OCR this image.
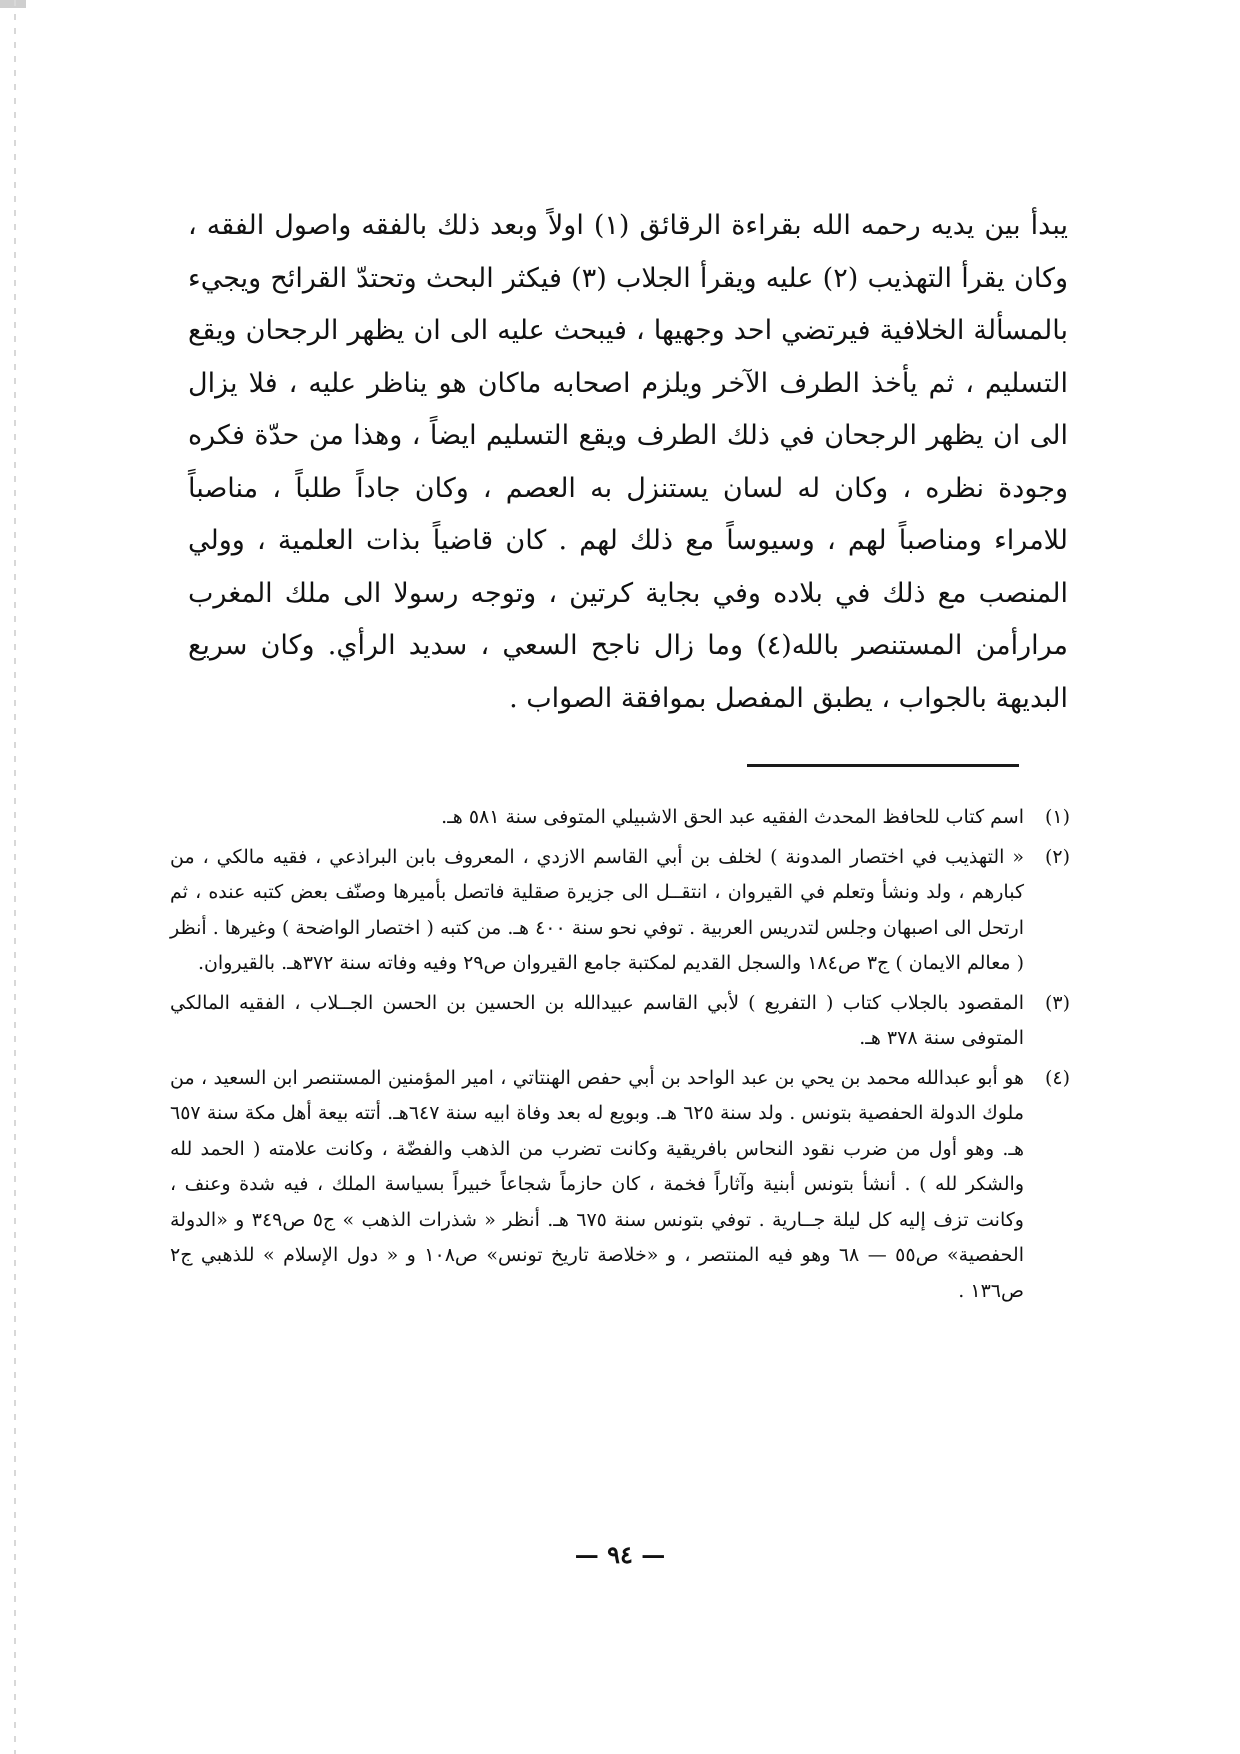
يبدأ بين يديه رحمه الله بقراءة الرقائق (١) اولاً وبعد ذلك بالفقه واصول الفقه ، وكان يقرأ التهذيب (٢) عليه ويقرأ الجلاب (٣) فيكثر البحث وتحتدّ القرائح ويجيء بالمسألة الخلافية فيرتضي احد وجهيها ، فيبحث عليه الى ان يظهر الرجحان ويقع التسليم ، ثم يأخذ الطرف الآخر ويلزم اصحابه ماكان هو يناظر عليه ، فلا يزال الى ان يظهر الرجحان في ذلك الطرف ويقع التسليم ايضاً ، وهذا من حدّة فكره وجودة نظره ، وكان له لسان يستنزل به العصم ، وكان جاداً طلباً ، مناصباً للامراء ومناصباً لهم ، وسيوساً مع ذلك لهم . كان قاضياً بذات العلمية ، وولي المنصب مع ذلك في بلاده وفي بجاية كرتين ، وتوجه رسولا الى ملك المغرب مرارأمن المستنصر بالله(٤) وما زال ناجح السعي ، سديد الرأي. وكان سريع البديهة بالجواب ، يطبق المفصل بموافقة الصواب .

(١)
اسم كتاب للحافظ المحدث الفقيه عبد الحق الاشبيلي المتوفى سنة ٥٨١ هـ.
(٢)
« التهذيب في اختصار المدونة ) لخلف بن أبي القاسم الازدي ، المعروف بابن البراذعي ، فقيه مالكي ، من كبارهم ، ولد ونشأ وتعلم في القيروان ، انتقــل الى جزيرة صقلية فاتصل بأميرها وصنّف بعض كتبه عنده ، ثم ارتحل الى اصبهان وجلس لتدريس العربية . توفي نحو سنة ٤٠٠ هـ. من كتبه ( اختصار الواضحة ) وغيرها . أنظر ( معالم الايمان ) ج٣ ص١٨٤ والسجل القديم لمكتبة جامع القيروان ص٢٩ وفيه وفاته سنة ٣٧٢هـ. بالقيروان.
(٣)
المقصود بالجلاب كتاب ( التفريع ) لأبي القاسم عبيدالله بن الحسين بن الحسن الجــلاب ، الفقيه المالكي المتوفى سنة ٣٧٨ هـ.
(٤)
هو أبو عبدالله محمد بن يحي بن عبد الواحد بن أبي حفص الهنتاتي ، امير المؤمنين المستنصر ابن السعيد ، من ملوك الدولة الحفصية بتونس . ولد سنة ٦٢٥ هـ. وبويع له بعد وفاة ابيه سنة ٦٤٧هـ. أتته بيعة أهل مكة سنة ٦٥٧ هـ. وهو أول من ضرب نقود النحاس بافريقية وكانت تضرب من الذهب والفضّة ، وكانت علامته ( الحمد لله والشكر لله ) . أنشأ بتونس أبنية وآثاراً فخمة ، كان حازماً شجاعاً خبيراً بسياسة الملك ، فيه شدة وعنف ، وكانت تزف إليه كل ليلة جــارية . توفي بتونس سنة ٦٧٥ هـ. أنظر « شذرات الذهب » ج٥ ص٣٤٩ و «الدولة الحفصية» ص٥٥ — ٦٨ وهو فيه المنتصر ، و «خلاصة تاريخ تونس» ص١٠٨ و « دول الإسلام » للذهبي ج٢ ص١٣٦ .
— ٩٤ —
